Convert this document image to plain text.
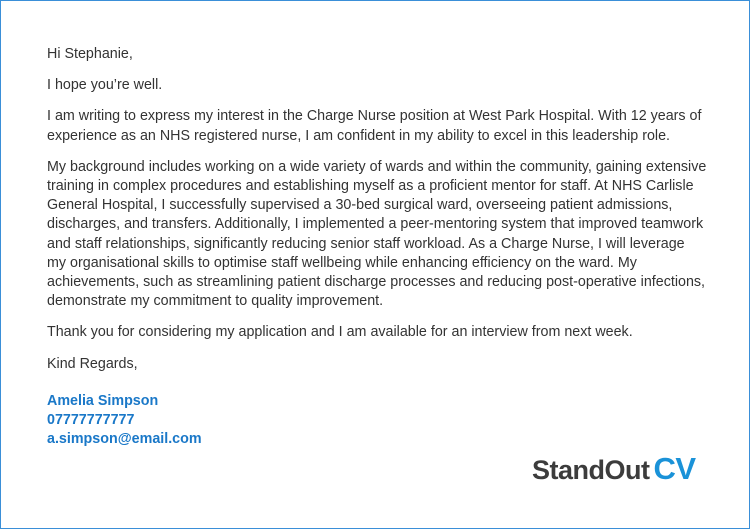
Hi Stephanie,

I hope you’re well.

I am writing to express my interest in the Charge Nurse position at West Park Hospital. With 12 years of experience as an NHS registered nurse, I am confident in my ability to excel in this leadership role.

My background includes working on a wide variety of wards and within the community, gaining extensive training in complex procedures and establishing myself as a proficient mentor for staff. At NHS Carlisle General Hospital, I successfully supervised a 30-bed surgical ward, overseeing patient admissions, discharges, and transfers. Additionally, I implemented a peer-mentoring system that improved teamwork and staff relationships, significantly reducing senior staff workload. As a Charge Nurse, I will leverage my organisational skills to optimise staff wellbeing while enhancing efficiency on the ward. My achievements, such as streamlining patient discharge processes and reducing post-operative infections, demonstrate my commitment to quality improvement.

Thank you for considering my application and I am available for an interview from next week.

Kind Regards,

Amelia Simpson
07777777777
a.simpson@email.com
StandOut CV
